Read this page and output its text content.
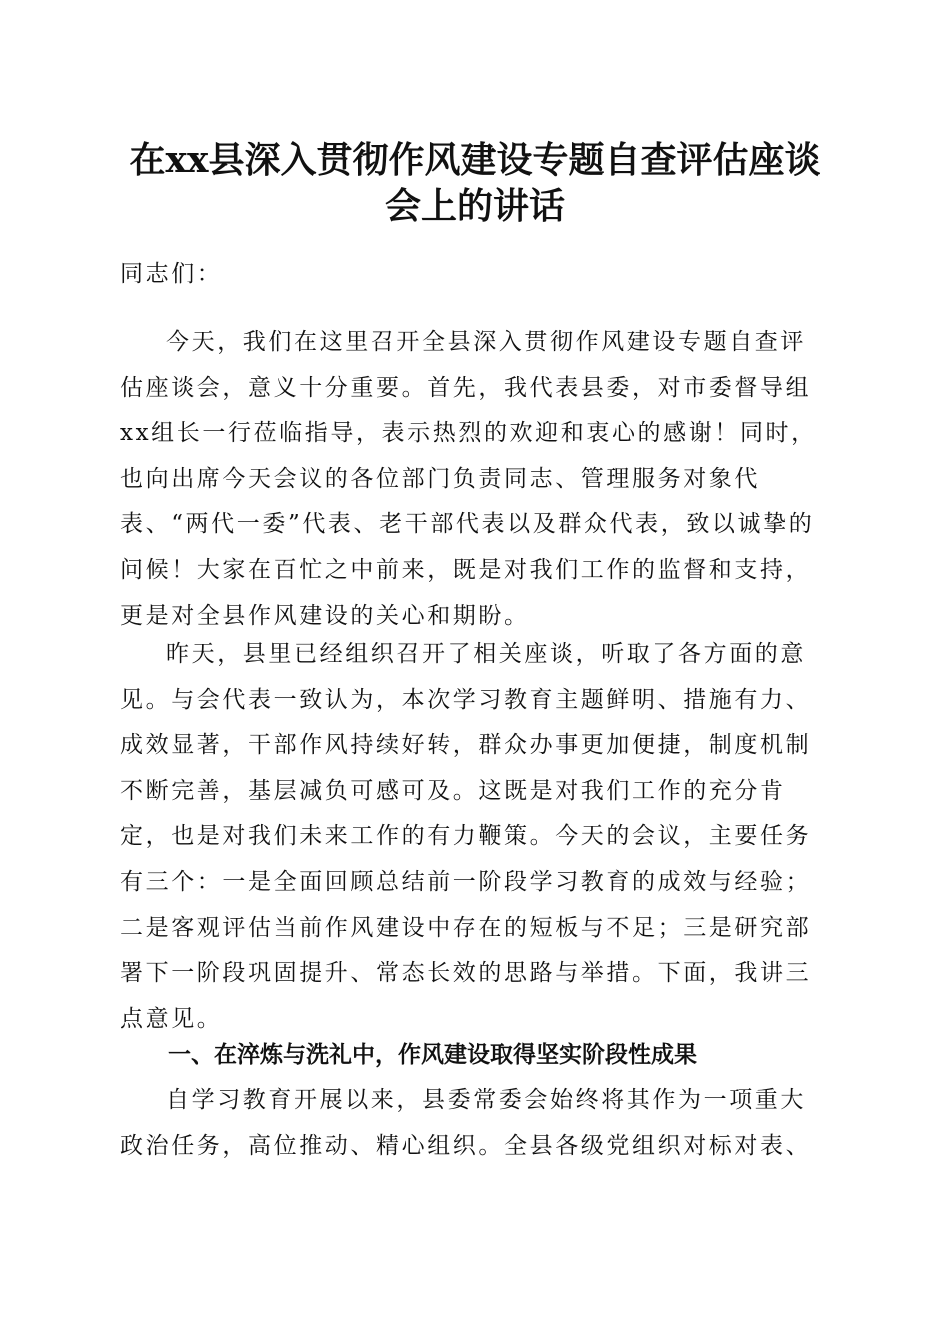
在xx县深入贯彻作风建设专题自查评估座谈
会上的讲话

同志们：

今天，我们在这里召开全县深入贯彻作风建设专题自查评估座谈会，意义十分重要。首先，我代表县委，对市委督导组xx组长一行莅临指导，表示热烈的欢迎和衷心的感谢！同时，也向出席今天会议的各位部门负责同志、管理服务对象代表、“两代一委”代表、老干部代表以及群众代表，致以诚挚的问候！大家在百忙之中前来，既是对我们工作的监督和支持，更是对全县作风建设的关心和期盼。

昨天，县里已经组织召开了相关座谈，听取了各方面的意见。与会代表一致认为，本次学习教育主题鲜明、措施有力、成效显著，干部作风持续好转，群众办事更加便捷，制度机制不断完善，基层减负可感可及。这既是对我们工作的充分肯定，也是对我们未来工作的有力鞭策。今天的会议，主要任务有三个：一是全面回顾总结前一阶段学习教育的成效与经验；二是客观评估当前作风建设中存在的短板与不足；三是研究部署下一阶段巩固提升、常态长效的思路与举措。下面，我讲三点意见。

一、在淬炼与洗礼中，作风建设取得坚实阶段性成果

自学习教育开展以来，县委常委会始终将其作为一项重大政治任务，高位推动、精心组织。全县各级党组织对标对表、
